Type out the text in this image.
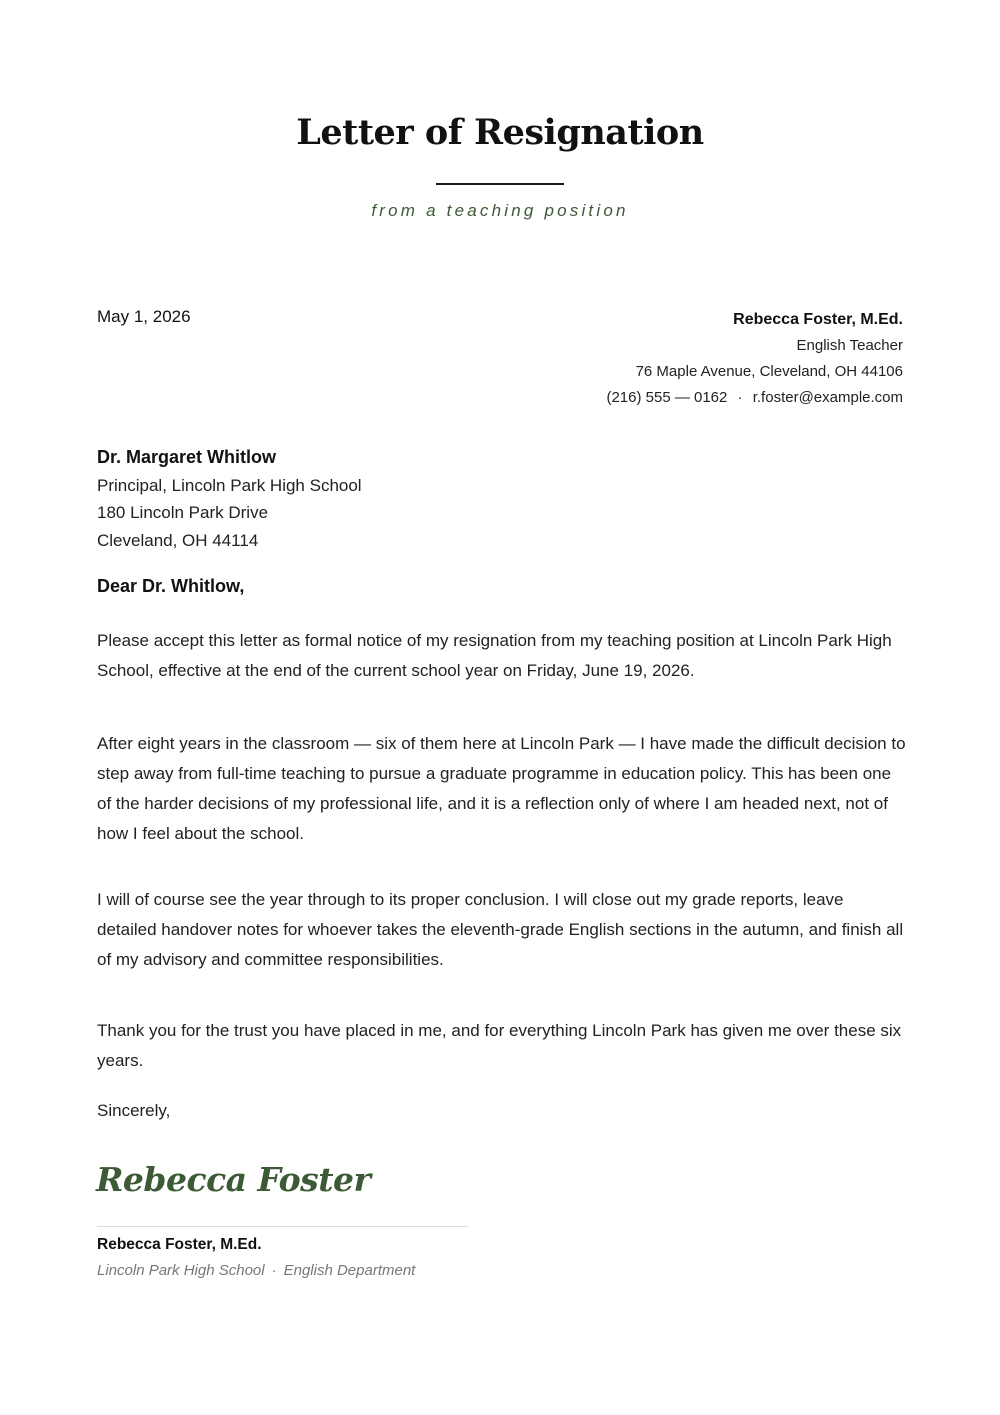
Letter of Resignation
from a teaching position
May 1, 2026	Rebecca Foster, M.Ed.
English Teacher
76 Maple Avenue, Cleveland, OH 44106
(216) 555 — 0162 · r.foster@example.com
Dr. Margaret Whitlow
Principal, Lincoln Park High School
180 Lincoln Park Drive
Cleveland, OH 44114
Dear Dr. Whitlow,

Please accept this letter as formal notice of my resignation from my teaching position at Lincoln Park High School, effective at the end of the current school year on Friday, June 19, 2026.

After eight years in the classroom — six of them here at Lincoln Park — I have made the difficult decision to step away from full-time teaching to pursue a graduate programme in education policy. This has been one of the harder decisions of my professional life, and it is a reflection only of where I am headed next, not of how I feel about the school.

I will of course see the year through to its proper conclusion. I will close out my grade reports, leave detailed handover notes for whoever takes the eleventh-grade English sections in the autumn, and finish all of my advisory and committee responsibilities.

Thank you for the trust you have placed in me, and for everything Lincoln Park has given me over these six years.

Sincerely,
Rebecca Foster
Rebecca Foster, M.Ed.
Lincoln Park High School · English Department
